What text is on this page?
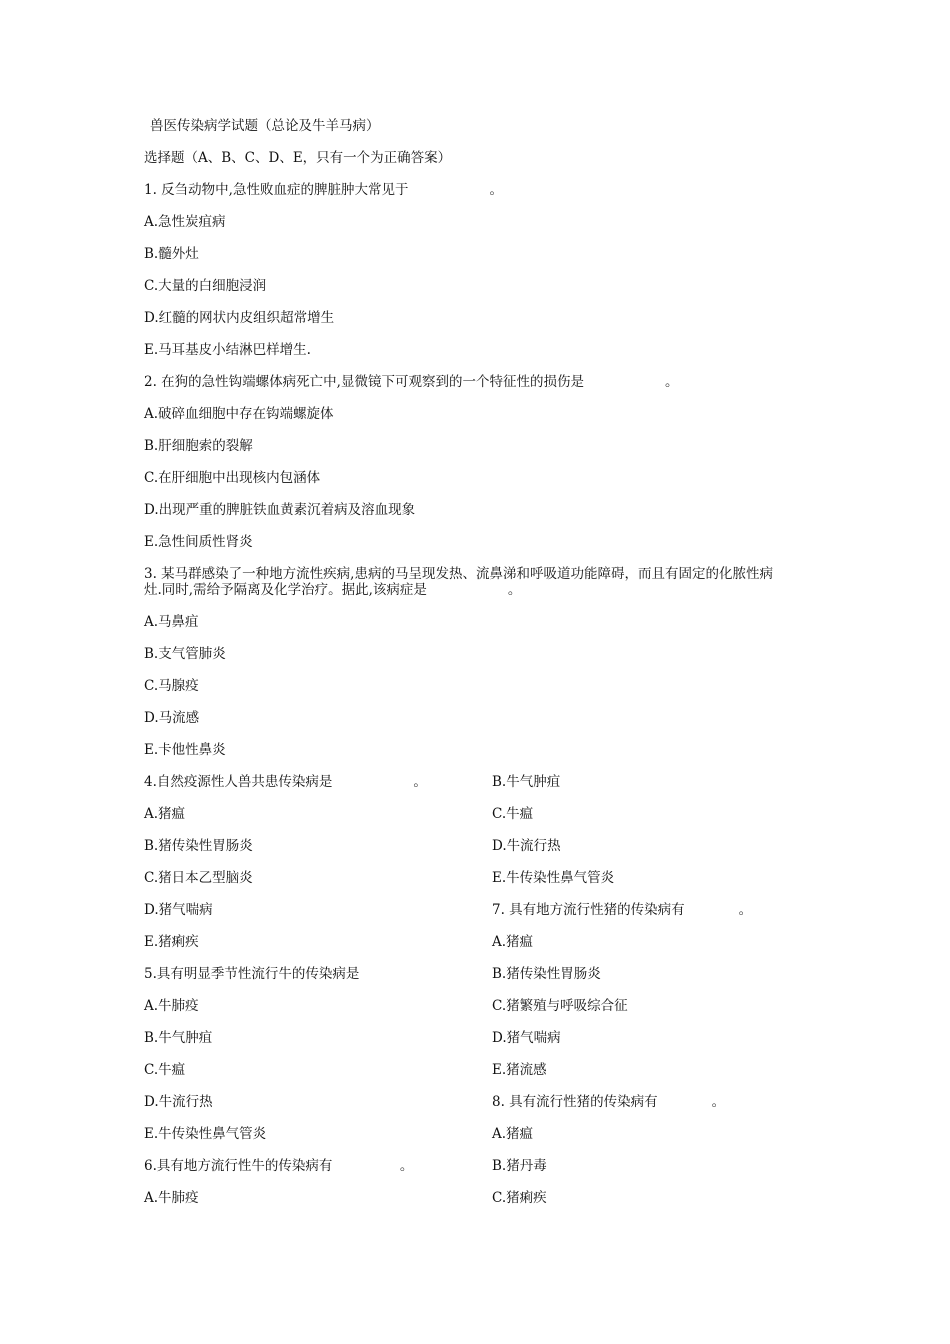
兽医传染病学试题（总论及牛羊马病）
选择题（A、B、C、D、E，只有一个为正确答案）
1. 反刍动物中,急性败血症的脾脏肿大常见于　　　　　　。
A.急性炭疽病
B.髓外灶
C.大量的白细胞浸润
D.红髓的网状内皮组织超常增生
E.马耳基皮小结淋巴样增生.
2. 在狗的急性钩端螺体病死亡中,显微镜下可观察到的一个特征性的损伤是　　　　　　。
A.破碎血细胞中存在钩端螺旋体
B.肝细胞索的裂解
C.在肝细胞中出现核内包涵体
D.出现严重的脾脏铁血黄素沉着病及溶血现象
E.急性间质性肾炎
3. 某马群感染了一种地方流性疾病,患病的马呈现发热、流鼻涕和呼吸道功能障碍，而且有固定的化脓性病
灶.同时,需给予隔离及化学治疗。据此,该病症是　　　　　　。
A.马鼻疽
B.支气管肺炎
C.马腺疫
D.马流感
E.卡他性鼻炎
4.自然疫源性人兽共患传染病是　　　　　　。
A.猪瘟
B.猪传染性胃肠炎
C.猪日本乙型脑炎
D.猪气喘病
E.猪痢疾
5.具有明显季节性流行牛的传染病是
A.牛肺疫
B.牛气肿疽
C.牛瘟
D.牛流行热
E.牛传染性鼻气管炎
6.具有地方流行性牛的传染病有　　　　　。
A.牛肺疫
B.牛气肿疽
C.牛瘟
D.牛流行热
E.牛传染性鼻气管炎
7. 具有地方流行性猪的传染病有　　　　。
A.猪瘟
B.猪传染性胃肠炎
C.猪繁殖与呼吸综合征
D.猪气喘病
E.猪流感
8. 具有流行性猪的传染病有　　　　。
A.猪瘟
B.猪丹毒
C.猪痢疾
